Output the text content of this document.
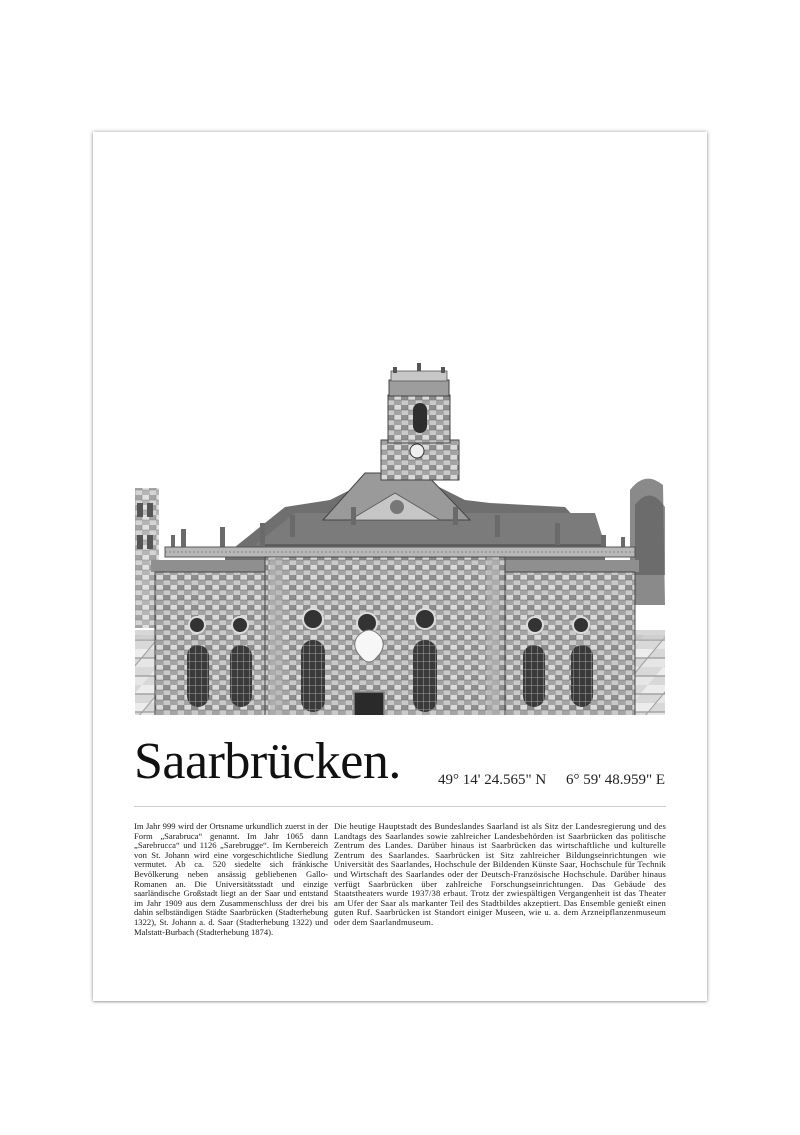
Saarbrücken. 49° 14' 24.565" N 6° 59' 48.959" E
Im Jahr 999 wird der Ortsname urkundlich zuerst in der Form „Sarabruca“ genannt. Im Jahr 1065 dann „Sarebrucca“ und 1126 „Sarebrugge“. Im Kernbereich von St. Johann wird eine vorgeschichtliche Siedlung vermutet. Ab ca. 520 siedelte sich fränkische Bevölkerung neben ansässig gebliebenen Gallo-Romanen an. Die Universitätsstadt und einzige saarländische Großstadt liegt an der Saar und entstand im Jahr 1909 aus dem Zusammenschluss der drei bis dahin selbständigen Städte Saarbrücken (Stadterhebung 1322), St. Johann a. d. Saar (Stadterhebung 1322) und Malstatt-Burbach (Stadterhebung 1874).
Die heutige Hauptstadt des Bundeslandes Saarland ist als Sitz der Landesregierung und des Landtags des Saarlandes sowie zahlreicher Landesbehörden ist Saarbrücken das politische Zentrum des Landes. Darüber hinaus ist Saarbrücken das wirtschaftliche und kulturelle Zentrum des Saarlandes. Saarbrücken ist Sitz zahlreicher Bildungseinrichtungen wie Universität des Saarlandes, Hochschule der Bildenden Künste Saar, Hochschule für Technik und Wirtschaft des Saarlandes oder der Deutsch-Französische Hochschule. Darüber hinaus verfügt Saarbrücken über zahlreiche Forschungseinrichtungen. Das Gebäude des Staatstheaters wurde 1937/38 erbaut. Trotz der zwiespältigen Vergangenheit ist das Theater am Ufer der Saar als markanter Teil des Stadtbildes akzeptiert. Das Ensemble genießt einen guten Ruf. Saarbrücken ist Standort einiger Museen, wie u. a. dem Arzneipflanzenmuseum oder dem Saarlandmuseum.
